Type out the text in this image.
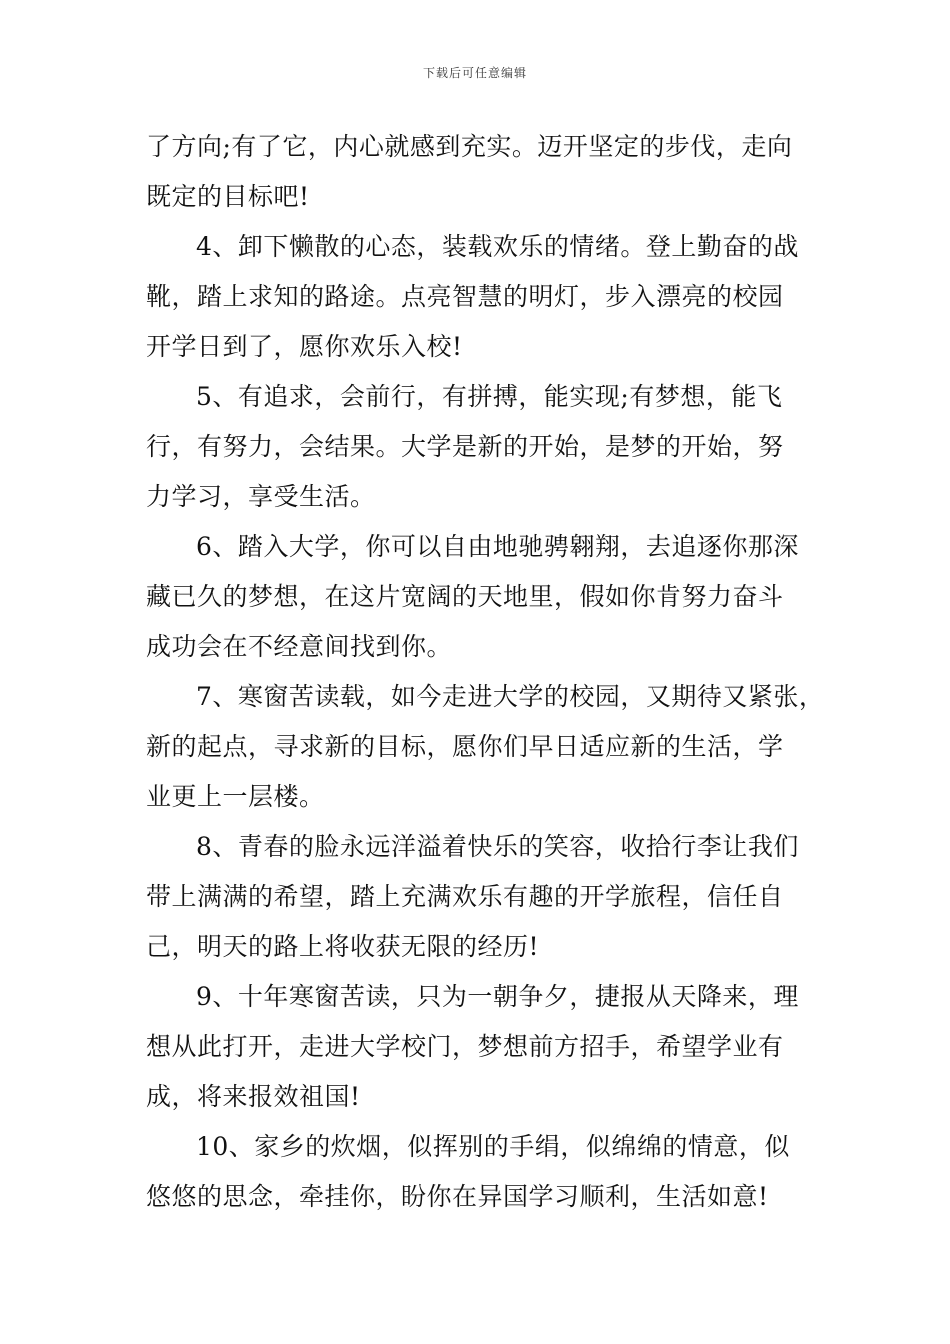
下载后可任意编辑
了方向;有了它，内心就感到充实。迈开坚定的步伐，走向
既定的目标吧!
4、卸下懒散的心态，装载欢乐的情绪。登上勤奋的战
靴，踏上求知的路途。点亮智慧的明灯，步入漂亮的校园
开学日到了，愿你欢乐入校!
5、有追求，会前行，有拼搏，能实现;有梦想，能飞
行，有努力，会结果。大学是新的开始，是梦的开始，努
力学习，享受生活。
6、踏入大学，你可以自由地驰骋翱翔，去追逐你那深
藏已久的梦想，在这片宽阔的天地里，假如你肯努力奋斗
成功会在不经意间找到你。
7、寒窗苦读载，如今走进大学的校园，又期待又紧张，
新的起点，寻求新的目标，愿你们早日适应新的生活，学
业更上一层楼。
8、青春的脸永远洋溢着快乐的笑容，收拾行李让我们
带上满满的希望，踏上充满欢乐有趣的开学旅程，信任自
己，明天的路上将收获无限的经历!
9、十年寒窗苦读，只为一朝争夕，捷报从天降来，理
想从此打开，走进大学校门，梦想前方招手，希望学业有
成，将来报效祖国!
10、家乡的炊烟，似挥别的手绢，似绵绵的情意，似
悠悠的思念，牵挂你，盼你在异国学习顺利，生活如意!
